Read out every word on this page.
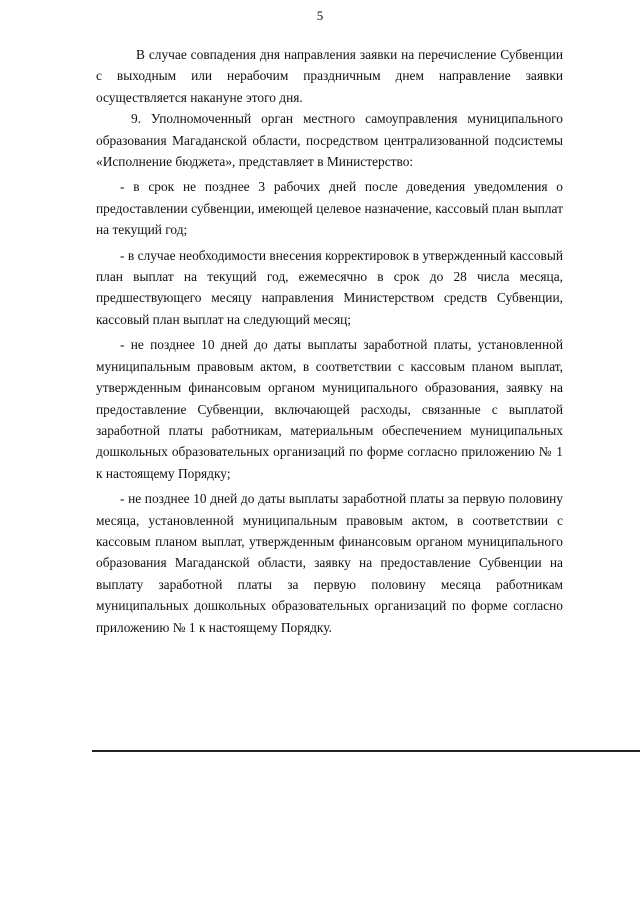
5

В случае совпадения дня направления заявки на перечисление Субвенции с выходным или нерабочим праздничным днем направление заявки осуществляется накануне этого дня.

9. Уполномоченный орган местного самоуправления муниципального образования Магаданской области, посредством централизованной подсистемы «Исполнение бюджета», представляет в Министерство:

- в срок не позднее 3 рабочих дней после доведения уведомления о предоставлении субвенции, имеющей целевое назначение, кассовый план выплат на текущий год;

- в случае необходимости внесения корректировок в утвержденный кассовый план выплат на текущий год, ежемесячно в срок до 28 числа месяца, предшествующего месяцу направления Министерством средств Субвенции, кассовый план выплат на следующий месяц;

- не позднее 10 дней до даты выплаты заработной платы, установленной муниципальным правовым актом, в соответствии с кассовым планом выплат, утвержденным финансовым органом муниципального образования, заявку на предоставление Субвенции, включающей расходы, связанные с выплатой заработной платы работникам, материальным обеспечением муниципальных дошкольных образовательных организаций по форме согласно приложению № 1 к настоящему Порядку;

- не позднее 10 дней до даты выплаты заработной платы за первую половину месяца, установленной муниципальным правовым актом, в соответствии с кассовым планом выплат, утвержденным финансовым органом муниципального образования Магаданской области, заявку на предоставление Субвенции на выплату заработной платы за первую половину месяца работникам муниципальных дошкольных образовательных организаций по форме согласно приложению № 1 к настоящему Порядку.
